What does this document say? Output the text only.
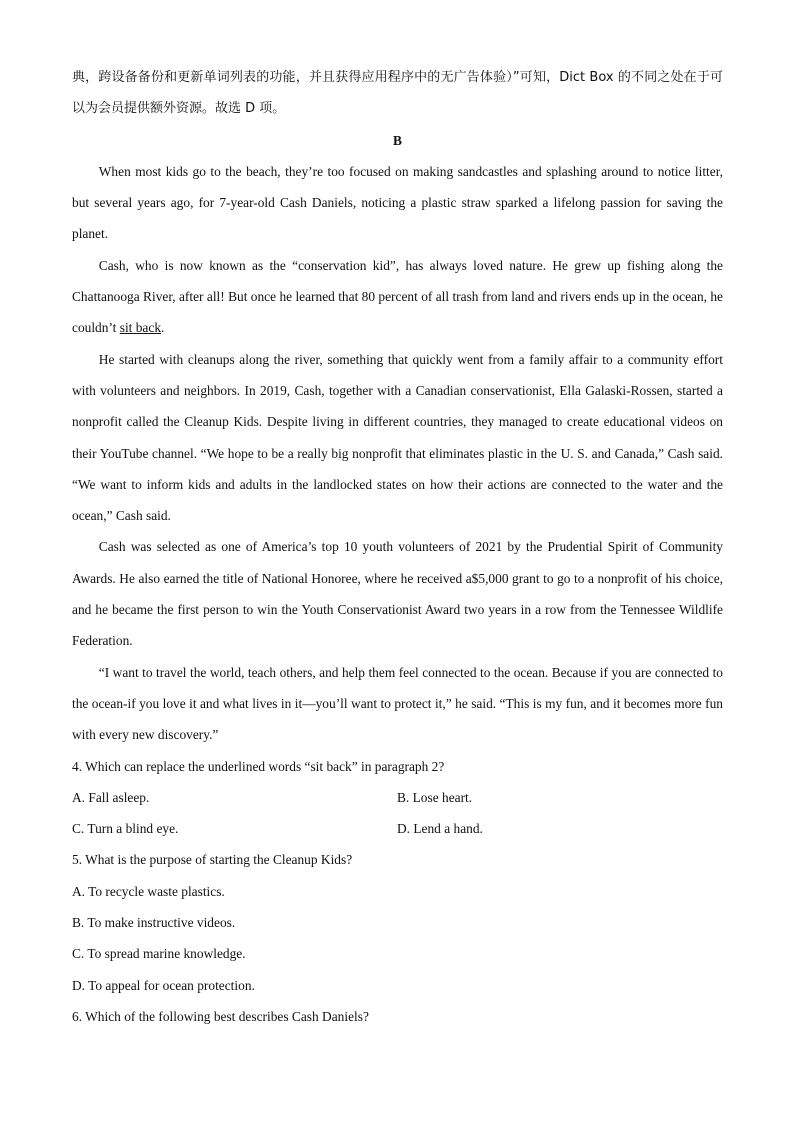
典，跨设备备份和更新单词列表的功能，并且获得应用程序中的无广告体验）”可知，Dict Box 的不同之处在于可以为会员提供额外资源。故选 D 项。

B

When most kids go to the beach, they’re too focused on making sandcastles and splashing around to notice litter, but several years ago, for 7-year-old Cash Daniels, noticing a plastic straw sparked a lifelong passion for saving the planet.

Cash, who is now known as the “conservation kid”, has always loved nature. He grew up fishing along the Chattanooga River, after all! But once he learned that 80 percent of all trash from land and rivers ends up in the ocean, he couldn’t sit back.

He started with cleanups along the river, something that quickly went from a family affair to a community effort with volunteers and neighbors. In 2019, Cash, together with a Canadian conservationist, Ella Galaski-Rossen, started a nonprofit called the Cleanup Kids. Despite living in different countries, they managed to create educational videos on their YouTube channel. “We hope to be a really big nonprofit that eliminates plastic in the U. S. and Canada,” Cash said. “We want to inform kids and adults in the landlocked states on how their actions are connected to the water and the ocean,” Cash said.

Cash was selected as one of America’s top 10 youth volunteers of 2021 by the Prudential Spirit of Community Awards. He also earned the title of National Honoree, where he received a$5,000 grant to go to a nonprofit of his choice, and he became the first person to win the Youth Conservationist Award two years in a row from the Tennessee Wildlife Federation.

“I want to travel the world, teach others, and help them feel connected to the ocean. Because if you are connected to the ocean-if you love it and what lives in it—you’ll want to protect it,” he said. “This is my fun, and it becomes more fun with every new discovery.”

4. Which can replace the underlined words “sit back” in paragraph 2?

A. Fall asleep.	B. Lose heart.
C. Turn a blind eye.	D. Lend a hand.

5. What is the purpose of starting the Cleanup Kids?

A. To recycle waste plastics.

B. To make instructive videos.

C. To spread marine knowledge.

D. To appeal for ocean protection.

6. Which of the following best describes Cash Daniels?
